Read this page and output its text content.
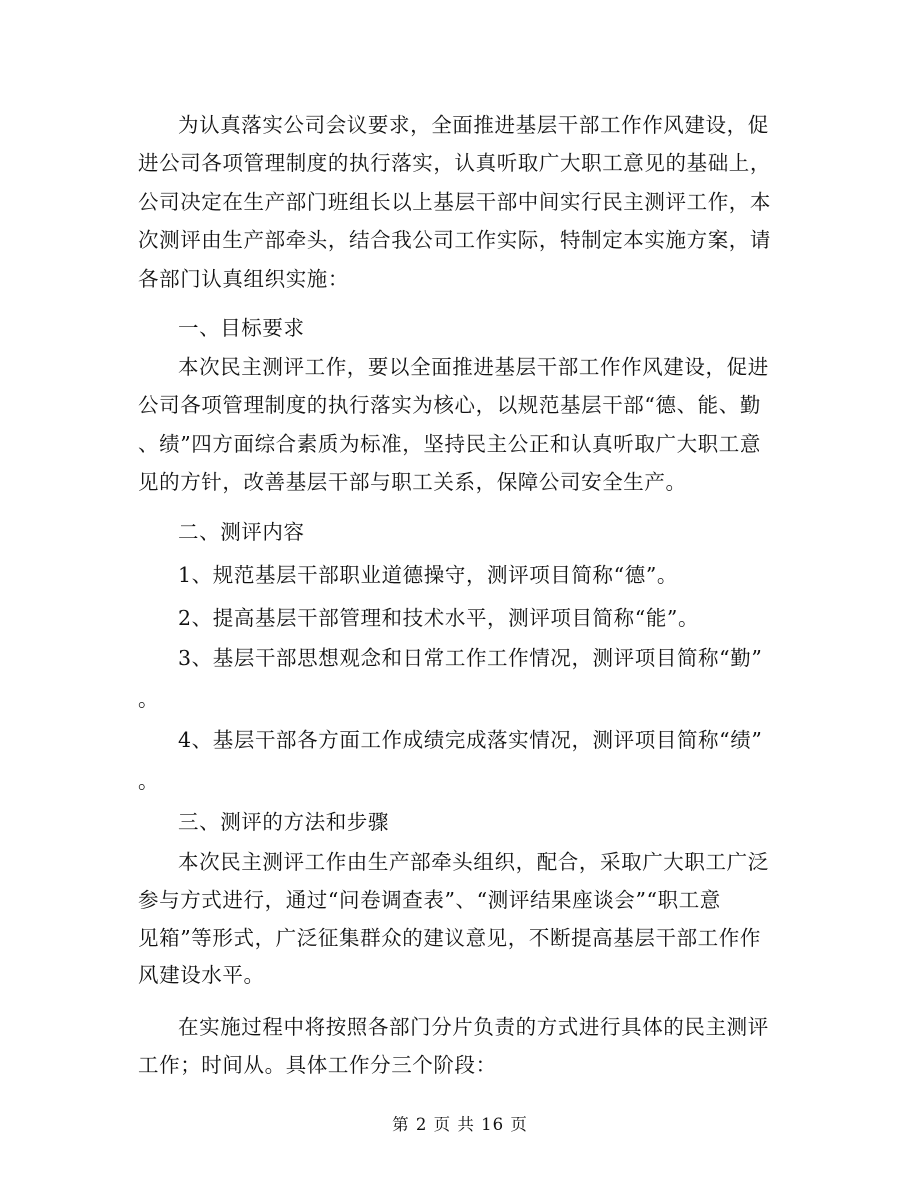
为认真落实公司会议要求，全面推进基层干部工作作风建设，促
进公司各项管理制度的执行落实，认真听取广大职工意见的基础上，
公司决定在生产部门班组长以上基层干部中间实行民主测评工作，本
次测评由生产部牵头，结合我公司工作实际，特制定本实施方案，请
各部门认真组织实施：
一、目标要求
本次民主测评工作，要以全面推进基层干部工作作风建设，促进
公司各项管理制度的执行落实为核心，以规范基层干部“德、能、勤
、绩”四方面综合素质为标准，坚持民主公正和认真听取广大职工意
见的方针，改善基层干部与职工关系，保障公司安全生产。
二、测评内容
1、规范基层干部职业道德操守，测评项目简称“德”。
2、提高基层干部管理和技术水平，测评项目简称“能”。
3、基层干部思想观念和日常工作工作情况，测评项目简称“勤”
。
4、基层干部各方面工作成绩完成落实情况，测评项目简称“绩”
。
三、测评的方法和步骤
本次民主测评工作由生产部牵头组织，配合，采取广大职工广泛
参与方式进行，通过“问卷调查表”、“测评结果座谈会”“职工意
见箱”等形式，广泛征集群众的建议意见，不断提高基层干部工作作
风建设水平。
在实施过程中将按照各部门分片负责的方式进行具体的民主测评
工作；时间从。具体工作分三个阶段：
第 2 页 共 16 页
